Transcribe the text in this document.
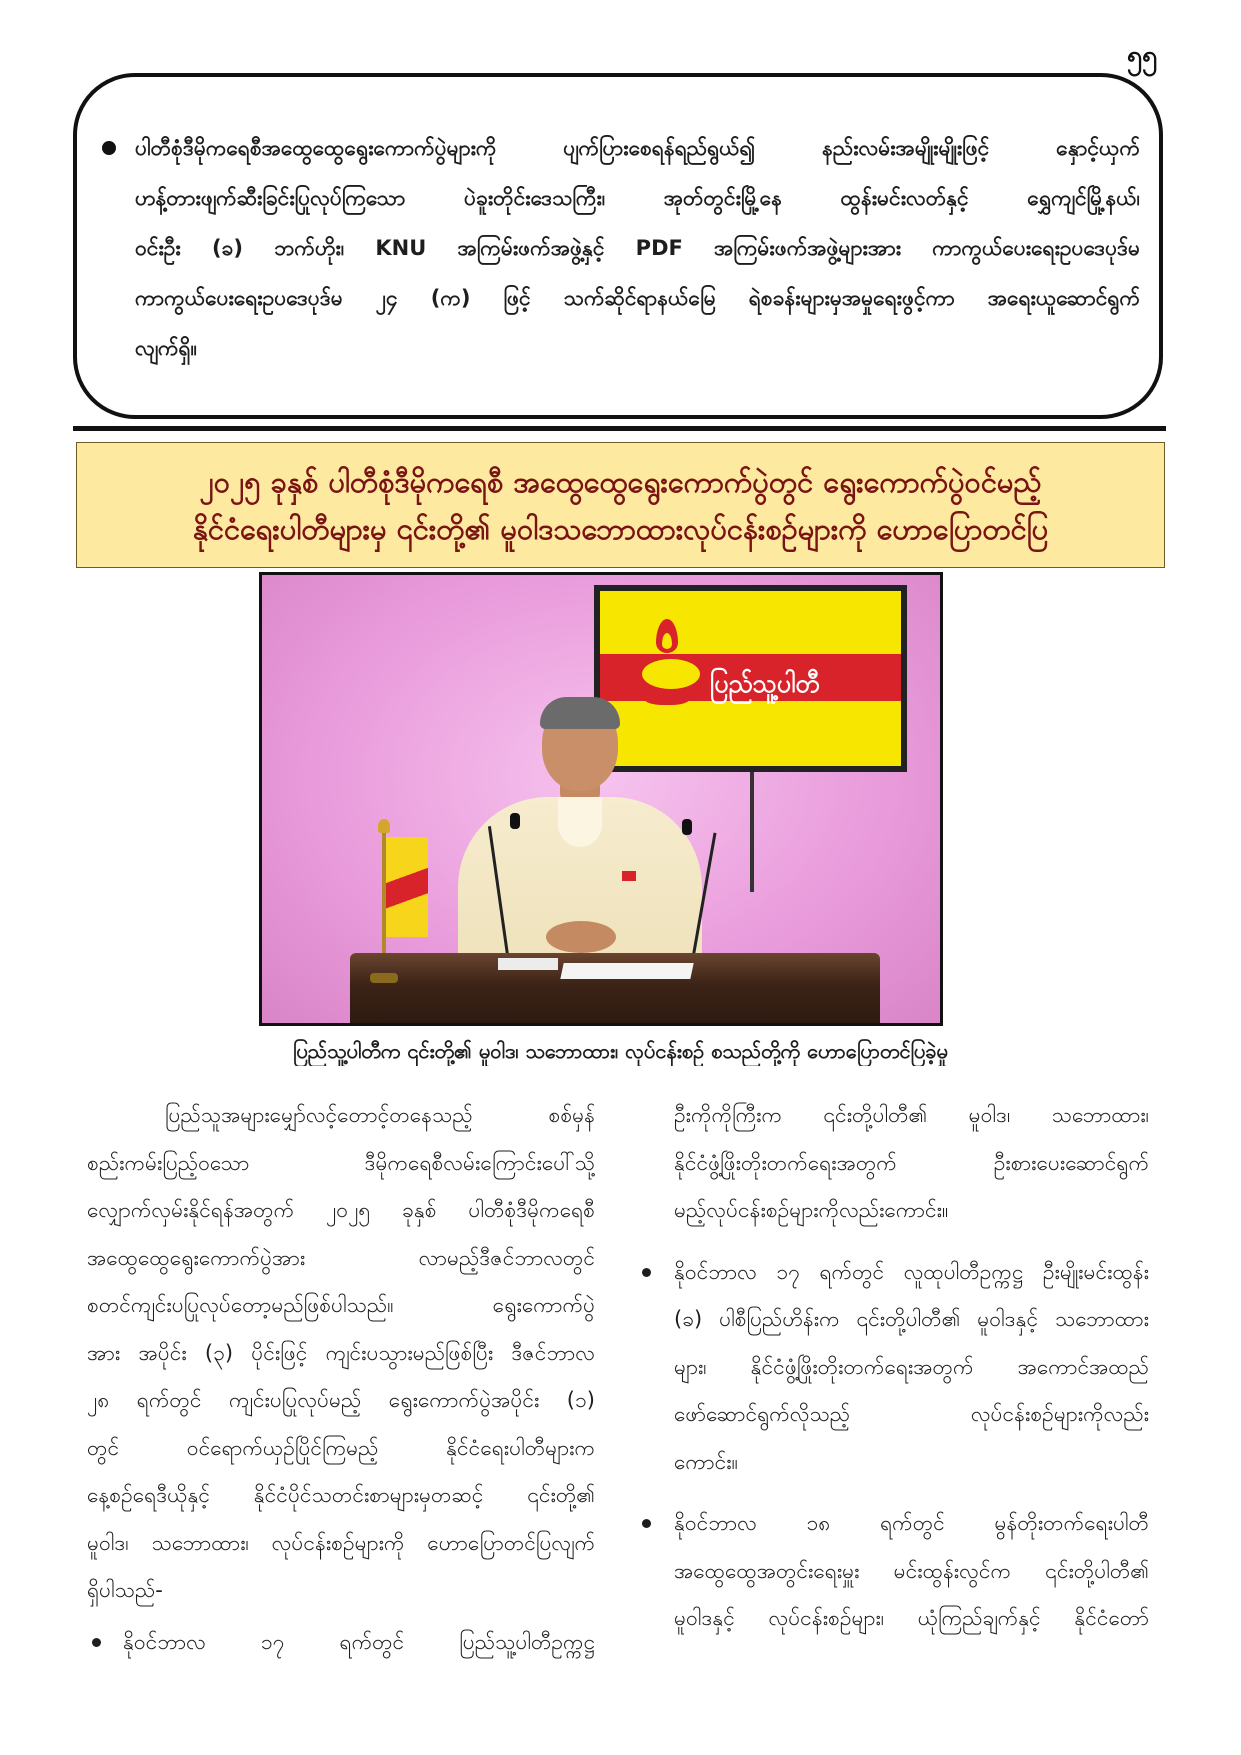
၅၅
ပါတီစုံဒီမိုကရေစီအထွေထွေရွေးကောက်ပွဲများကို ပျက်ပြားစေရန်ရည်ရွယ်၍ နည်းလမ်းအမျိုးမျိုးဖြင့် နှောင့်ယှက်
ဟန့်တားဖျက်ဆီးခြင်းပြုလုပ်ကြသော ပဲခူးတိုင်းဒေသကြီး၊ အုတ်တွင်းမြို့နေ ထွန်းမင်းလတ်နှင့် ရွှေကျင်မြို့နယ်၊
ဝင်းဦး (ခ) ဘက်ဟိုး၊ KNU အကြမ်းဖက်အဖွဲ့နှင့် PDF အကြမ်းဖက်အဖွဲ့များအား ကာကွယ်ပေးရေးဥပဒေပုဒ်မ
ကာကွယ်ပေးရေးဥပဒေပုဒ်မ ၂၄ (က) ဖြင့် သက်ဆိုင်ရာနယ်မြေ ရဲစခန်းများမှအမှုရေးဖွင့်ကာ အရေးယူဆောင်ရွက်
လျက်ရှိ။
၂၀၂၅ ခုနှစ် ပါတီစုံဒီမိုကရေစီ အထွေထွေရွေးကောက်ပွဲတွင် ရွေးကောက်ပွဲဝင်မည့်
နိုင်ငံရေးပါတီများမှ ၎င်းတို့၏ မူဝါဒသဘောထားလုပ်ငန်းစဉ်များကို ဟောပြောတင်ပြ
ပြည်သူ့ပါတီ
ပြည်သူ့ပါတီက ၎င်းတို့၏ မူဝါဒ၊ သဘောထား၊ လုပ်ငန်းစဉ် စသည်တို့ကို ဟောပြောတင်ပြခဲ့မှု
ပြည်သူအများမျှော်လင့်တောင့်တနေသည့် စစ်မှန်
စည်းကမ်းပြည့်ဝသော ဒီမိုကရေစီလမ်းကြောင်းပေါ်သို့
လျှောက်လှမ်းနိုင်ရန်အတွက် ၂၀၂၅ ခုနှစ် ပါတီစုံဒီမိုကရေစီ
အထွေထွေရွေးကောက်ပွဲအား လာမည့်ဒီဇင်ဘာလတွင်
စတင်ကျင်းပပြုလုပ်တော့မည်ဖြစ်ပါသည်။ ရွေးကောက်ပွဲ
အား အပိုင်း (၃) ပိုင်းဖြင့် ကျင်းပသွားမည်ဖြစ်ပြီး ဒီဇင်ဘာလ
၂၈ ရက်တွင် ကျင်းပပြုလုပ်မည့် ရွေးကောက်ပွဲအပိုင်း (၁)
တွင် ဝင်ရောက်ယှဉ်ပြိုင်ကြမည့် နိုင်ငံရေးပါတီများက
နေ့စဉ်ရေဒီယိုနှင့် နိုင်ငံပိုင်သတင်းစာများမှတဆင့် ၎င်းတို့၏
မူဝါဒ၊ သဘောထား၊ လုပ်ငန်းစဉ်များကို ဟောပြောတင်ပြလျက်
ရှိပါသည်-
နိုဝင်ဘာလ ၁၇ ရက်တွင် ပြည်သူ့ပါတီဥက္ကဋ္ဌ
ဦးကိုကိုကြီးက ၎င်းတို့ပါတီ၏ မူဝါဒ၊ သဘောထား၊
နိုင်ငံဖွံ့ဖြိုးတိုးတက်ရေးအတွက် ဦးစားပေးဆောင်ရွက်
မည့်လုပ်ငန်းစဉ်များကိုလည်းကောင်း။
နိုဝင်ဘာလ ၁၇ ရက်တွင် လူထုပါတီဥက္ကဋ္ဌ ဦးမျိုးမင်းထွန်း
(ခ) ပါစီပြည်ဟိန်းက ၎င်းတို့ပါတီ၏ မူဝါဒနှင့် သဘောထား
များ၊ နိုင်ငံဖွံ့ဖြိုးတိုးတက်ရေးအတွက် အကောင်အထည်
ဖော်ဆောင်ရွက်လိုသည့် လုပ်ငန်းစဉ်များကိုလည်း
ကောင်း။
နိုဝင်ဘာလ ၁၈ ရက်တွင် မွန်တိုးတက်ရေးပါတီ
အထွေထွေအတွင်းရေးမှူး မင်းထွန်းလွင်က ၎င်းတို့ပါတီ၏
မူဝါဒနှင့် လုပ်ငန်းစဉ်များ၊ ယုံကြည်ချက်နှင့် နိုင်ငံတော်
